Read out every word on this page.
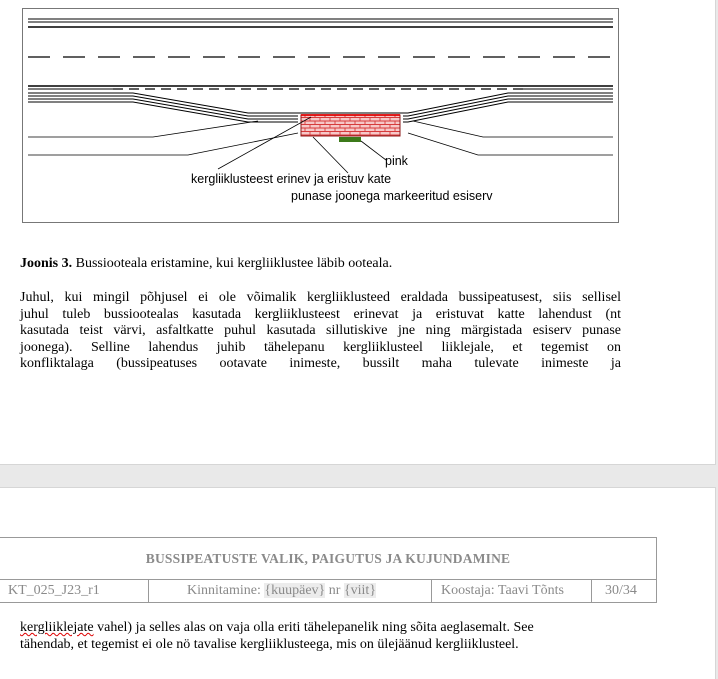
pink
kergliiklusteest erinev ja eristuv kate
punase joonega markeeritud esiserv
Joonis 3. Bussiooteala eristamine, kui kergliiklustee läbib ooteala.
Juhul, kui mingil põhjusel ei ole võimalik kergliiklusteed eraldada bussipeatusest, siis sellisel
juhul tuleb bussiootealas kasutada kergliiklusteest erinevat ja eristuvat katte lahendust (nt
kasutada teist värvi, asfaltkatte puhul kasutada sillutiskive jne ning märgistada esiserv punase
joonega). Selline lahendus juhib tähelepanu kergliiklusteel liiklejale, et tegemist on
konfliktalaga (bussipeatuses ootavate inimeste, bussilt maha tulevate inimeste ja
BUSSIPEATUSTE VALIK, PAIGUTUS JA KUJUNDAMINE
KT_025_J23_r1	Kinnitamine: {kuupäev} nr {viit}	Koostaja: Taavi Tõnts	30/34
kergliiklejate vahel) ja selles alas on vaja olla eriti tähelepanelik ning sõita aeglasemalt. See
tähendab, et tegemist ei ole nö tavalise kergliiklusteega, mis on ülejäänud kergliiklusteel.
